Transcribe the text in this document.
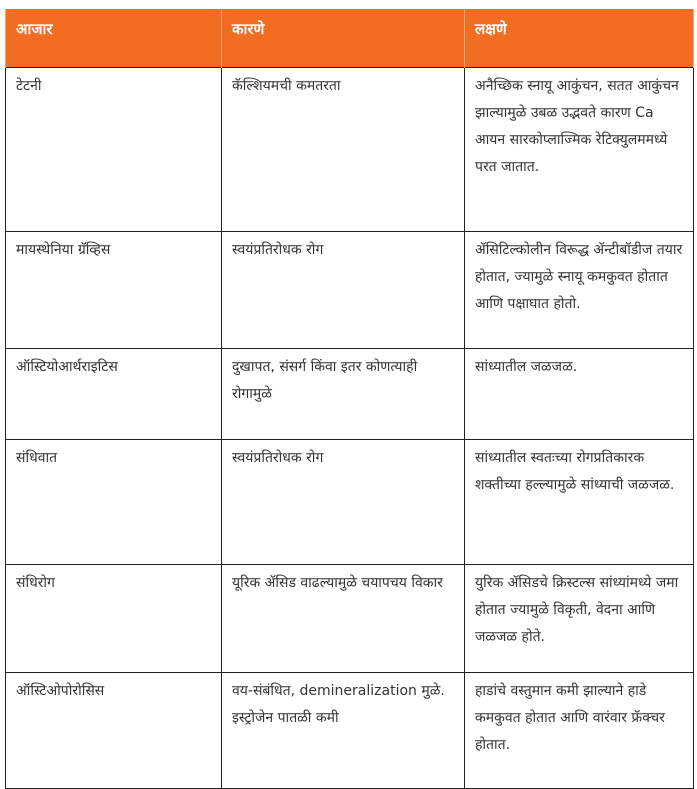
आजार	कारणे	लक्षणे
टेटनी	कॅल्शियमची कमतरता	अनैच्छिक स्नायू आकुंचन, सतत आकुंचन झाल्यामुळे उबळ उद्भवते कारण Ca आयन सारकोप्लाज्मिक रेटिक्युलममध्ये परत जातात.
मायस्थेनिया ग्रॅव्हिस	स्वयंप्रतिरोधक रोग	ॲसिटिल्कोलीन विरूद्ध ॲन्टीबॉडीज तयार होतात, ज्यामुळे स्नायू कमकुवत होतात आणि पक्षाघात होतो.
ऑस्टियोआर्थराइटिस	दुखापत, संसर्ग किंवा इतर कोणत्याही रोगामुळे	सांध्यातील जळजळ.
संधिवात	स्वयंप्रतिरोधक रोग	सांध्यातील स्वतःच्या रोगप्रतिकारक शक्तीच्या हल्ल्यामुळे सांध्याची जळजळ.
संधिरोग	यूरिक ॲसिड वाढल्यामुळे चयापचय विकार	युरिक ॲसिडचे क्रिस्टल्स सांध्यांमध्ये जमा होतात ज्यामुळे विकृती, वेदना आणि जळजळ होते.
ऑस्टिओपोरोसिस	वय-संबंधित, demineralization मुळे. इस्ट्रोजेन पातळी कमी	हाडांचे वस्तुमान कमी झाल्याने हाडे कमकुवत होतात आणि वारंवार फ्रॅक्चर होतात.
